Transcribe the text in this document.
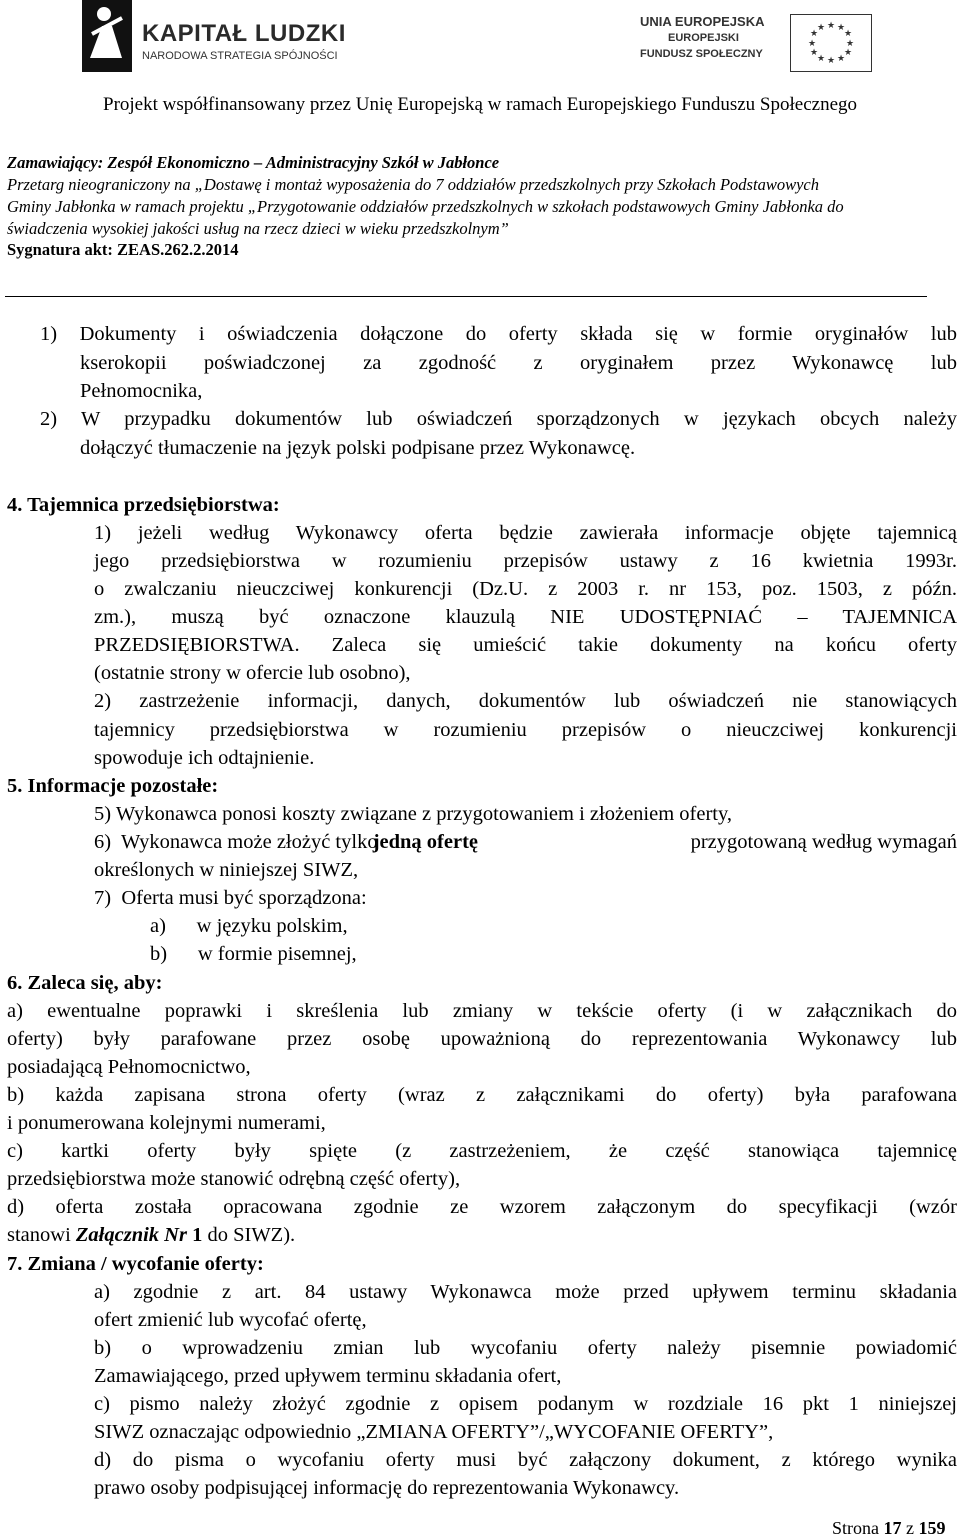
KAPITAŁ LUDZKI
NARODOWA STRATEGIA SPÓJNOŚCI
UNIA EUROPEJSKA
EUROPEJSKI
FUNDUSZ SPOŁECZNY
★ ★
★
★
★
★
★
★
★
★
★
★
Projekt współfinansowany przez Unię Europejską w ramach Europejskiego Funduszu Społecznego
Zamawiający: Zespół Ekonomiczno – Administracyjny Szkół w Jabłonce
Przetarg nieograniczony na „Dostawę i montaż wyposażenia do 7 oddziałów przedszkolnych przy Szkołach Podstawowych
Gminy Jabłonka w ramach projektu „Przygotowanie oddziałów przedszkolnych w szkołach podstawowych Gminy Jabłonka do
świadczenia wysokiej jakości usług na rzecz dzieci w wieku przedszkolnym”
Sygnatura akt: ZEAS.262.2.2014
1) Dokumenty i oświadczenia dołączone do oferty składa się w formie oryginałów lub
kserokopii poświadczonej za zgodność z oryginałem przez Wykonawcę lub
Pełnomocnika,
2) W przypadku dokumentów lub oświadczeń sporządzonych w językach obcych należy
dołączyć tłumaczenie na język polski podpisane przez Wykonawcę.
4. Tajemnica przedsiębiorstwa:
1) jeżeli według Wykonawcy oferta będzie zawierała informacje objęte tajemnicą
jego przedsiębiorstwa w rozumieniu przepisów ustawy z 16 kwietnia 1993r.
o zwalczaniu nieuczciwej konkurencji (Dz.U. z 2003 r. nr 153, poz. 1503, z późn.
zm.), muszą być oznaczone klauzulą NIE UDOSTĘPNIAĆ – TAJEMNICA
PRZEDSIĘBIORSTWA. Zaleca się umieścić takie dokumenty na końcu oferty
(ostatnie strony w ofercie lub osobno),
2) zastrzeżenie informacji, danych, dokumentów lub oświadczeń nie stanowiących
tajemnicy przedsiębiorstwa w rozumieniu przepisów o nieuczciwej konkurencji
spowoduje ich odtajnienie.
5. Informacje pozostałe:
5) Wykonawca ponosi koszty związane z przygotowaniem i złożeniem oferty,
6)  Wykonawca może złożyć tylko
jedną ofertę	przygotowaną według wymagań
określonych w niniejszej SIWZ,
7)  Oferta musi być sporządzona:
a)      w języku polskim,
b)      w formie pisemnej,
6. Zaleca się, aby:
a) ewentualne poprawki i skreślenia lub zmiany w tekście oferty (i w załącznikach do
oferty) były parafowane przez osobę upoważnioną do reprezentowania Wykonawcy lub
posiadającą Pełnomocnictwo,
b) każda zapisana strona oferty (wraz z załącznikami do oferty) była parafowana
i ponumerowana kolejnymi numerami,
c) kartki oferty były spięte (z zastrzeżeniem, że część stanowiąca tajemnicę
przedsiębiorstwa może stanowić odrębną część oferty),
d) oferta została opracowana zgodnie ze wzorem załączonym do specyfikacji (wzór
stanowi Załącznik Nr 1 do SIWZ).
7. Zmiana / wycofanie oferty:
a) zgodnie z art. 84 ustawy Wykonawca może przed upływem terminu składania
ofert zmienić lub wycofać ofertę,
b) o wprowadzeniu zmian lub wycofaniu oferty należy pisemnie powiadomić
Zamawiającego, przed upływem terminu składania ofert,
c) pismo należy złożyć zgodnie z opisem podanym w rozdziale 16 pkt 1 niniejszej
SIWZ oznaczając odpowiednio „ZMIANA OFERTY”/„WYCOFANIE OFERTY”,
d) do pisma o wycofaniu oferty musi być załączony dokument, z którego wynika
prawo osoby podpisującej informację do reprezentowania Wykonawcy.
Strona 17 z 159
